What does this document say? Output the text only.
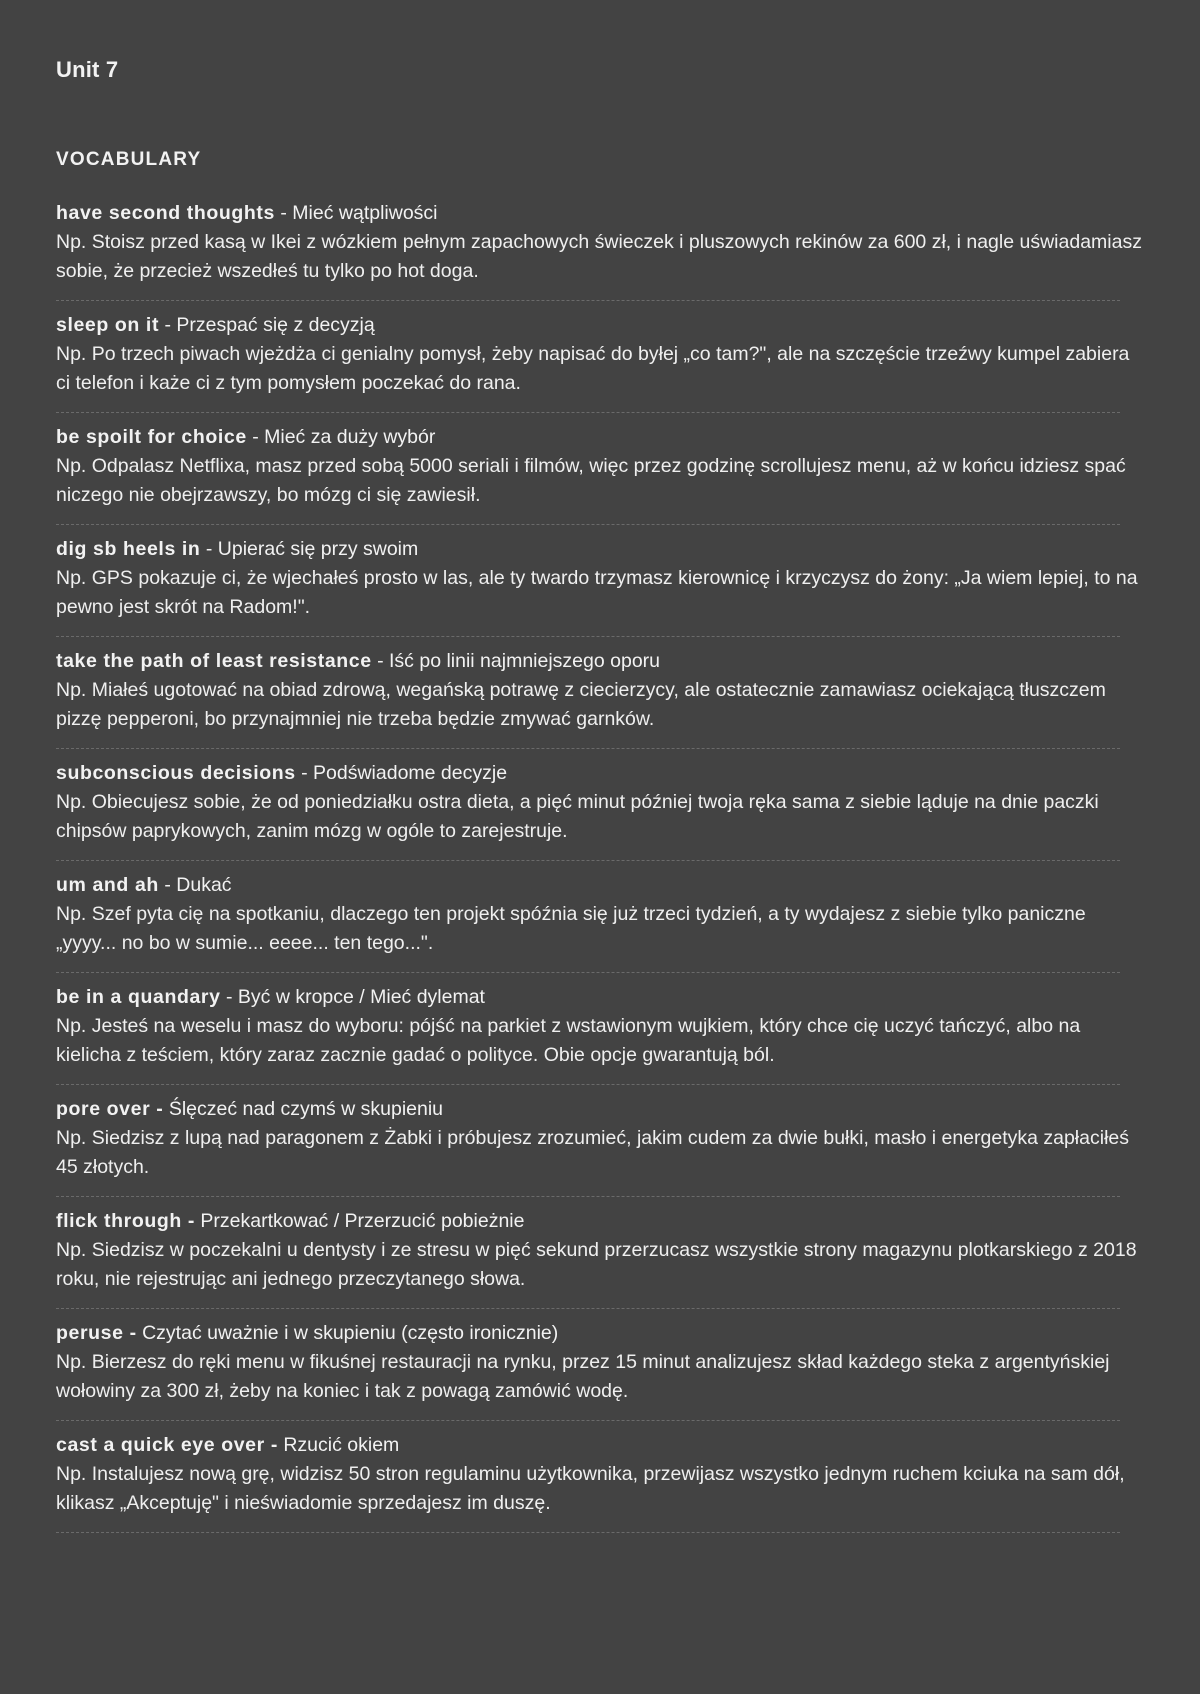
Unit 7
VOCABULARY
have second thoughts - Mieć wątpliwości
Np. Stoisz przed kasą w Ikei z wózkiem pełnym zapachowych świeczek i pluszowych rekinów za 600 zł, i nagle uświadamiasz sobie, że przecież wszedłeś tu tylko po hot doga.
sleep on it - Przespać się z decyzją
Np. Po trzech piwach wjeżdża ci genialny pomysł, żeby napisać do byłej „co tam?", ale na szczęście trzeźwy kumpel zabiera ci telefon i każe ci z tym pomysłem poczekać do rana.
be spoilt for choice - Mieć za duży wybór
Np. Odpalasz Netflixa, masz przed sobą 5000 seriali i filmów, więc przez godzinę scrollujesz menu, aż w końcu idziesz spać niczego nie obejrzawszy, bo mózg ci się zawiesił.
dig sb heels in - Upierać się przy swoim
Np. GPS pokazuje ci, że wjechałeś prosto w las, ale ty twardo trzymasz kierownicę i krzyczysz do żony: „Ja wiem lepiej, to na pewno jest skrót na Radom!".
take the path of least resistance - Iść po linii najmniejszego oporu
Np. Miałeś ugotować na obiad zdrową, wegańską potrawę z ciecierzycy, ale ostatecznie zamawiasz ociekającą tłuszczem pizzę pepperoni, bo przynajmniej nie trzeba będzie zmywać garnków.
subconscious decisions - Podświadome decyzje
Np. Obiecujesz sobie, że od poniedziałku ostra dieta, a pięć minut później twoja ręka sama z siebie ląduje na dnie paczki chipsów paprykowych, zanim mózg w ogóle to zarejestruje.
um and ah - Dukać
Np. Szef pyta cię na spotkaniu, dlaczego ten projekt spóźnia się już trzeci tydzień, a ty wydajesz z siebie tylko paniczne „yyyy... no bo w sumie... eeee... ten tego...".
be in a quandary - Być w kropce / Mieć dylemat
Np. Jesteś na weselu i masz do wyboru: pójść na parkiet z wstawionym wujkiem, który chce cię uczyć tańczyć, albo na kielicha z teściem, który zaraz zacznie gadać o polityce. Obie opcje gwarantują ból.
pore over - Ślęczeć nad czymś w skupieniu
Np. Siedzisz z lupą nad paragonem z Żabki i próbujesz zrozumieć, jakim cudem za dwie bułki, masło i energetyka zapłaciłeś 45 złotych.
flick through - Przekartkować / Przerzucić pobieżnie
Np. Siedzisz w poczekalni u dentysty i ze stresu w pięć sekund przerzucasz wszystkie strony magazynu plotkarskiego z 2018 roku, nie rejestrując ani jednego przeczytanego słowa.
peruse - Czytać uważnie i w skupieniu (często ironicznie)
Np. Bierzesz do ręki menu w fikuśnej restauracji na rynku, przez 15 minut analizujesz skład każdego steka z argentyńskiej wołowiny za 300 zł, żeby na koniec i tak z powagą zamówić wodę.
cast a quick eye over - Rzucić okiem
Np. Instalujesz nową grę, widzisz 50 stron regulaminu użytkownika, przewijasz wszystko jednym ruchem kciuka na sam dół, klikasz „Akceptuję" i nieświadomie sprzedajesz im duszę.
